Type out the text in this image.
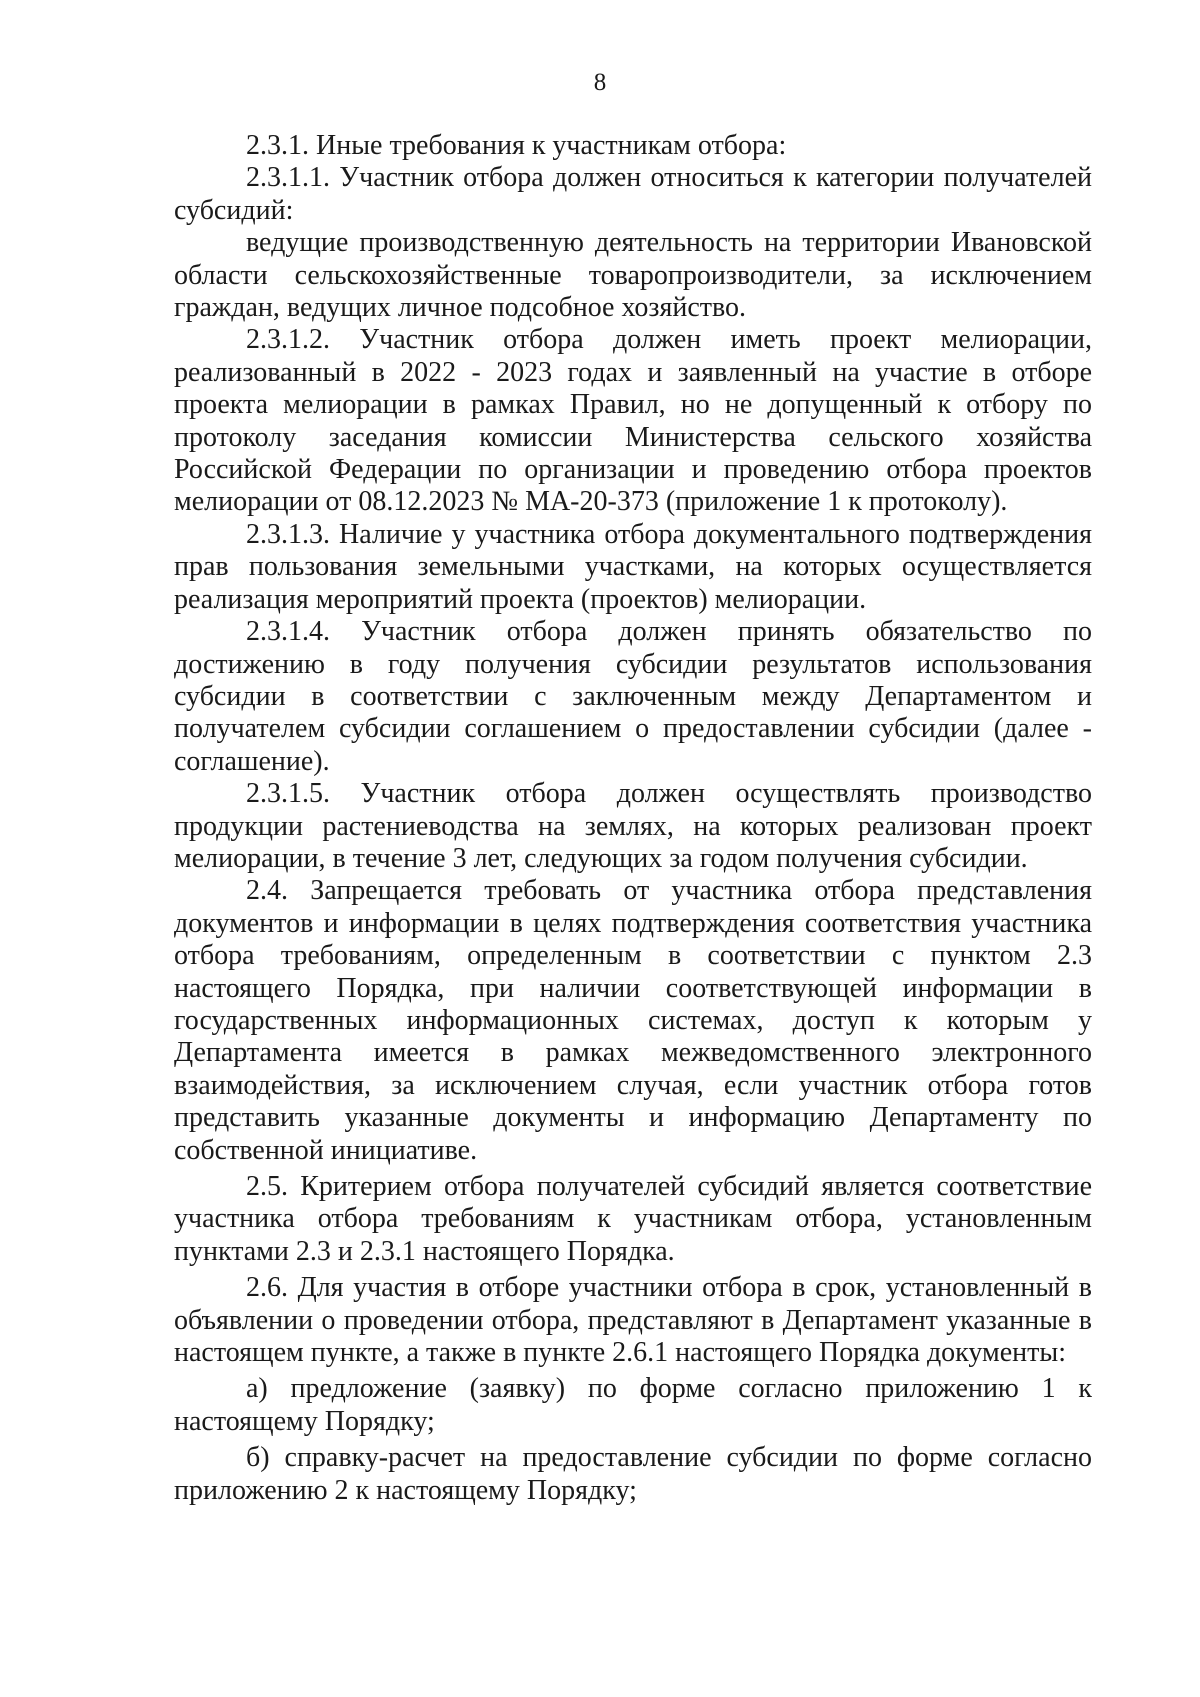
8

2.3.1. Иные требования к участникам отбора:

2.3.1.1. Участник отбора должен относиться к категории получателей субсидий:

ведущие производственную деятельность на территории Ивановской области сельскохозяйственные товаропроизводители, за исключением граждан, ведущих личное подсобное хозяйство.

2.3.1.2. Участник отбора должен иметь проект мелиорации, реализованный в 2022 - 2023 годах и заявленный на участие в отборе проекта мелиорации в рамках Правил, но не допущенный к отбору по протоколу заседания комиссии Министерства сельского хозяйства Российской Федерации по организации и проведению отбора проектов мелиорации от 08.12.2023 № МА-20-373 (приложение 1 к протоколу).

2.3.1.3. Наличие у участника отбора документального подтверждения прав пользования земельными участками, на которых осуществляется реализация мероприятий проекта (проектов) мелиорации.

2.3.1.4. Участник отбора должен принять обязательство по достижению в году получения субсидии результатов использования субсидии в соответствии с заключенным между Департаментом и получателем субсидии соглашением о предоставлении субсидии (далее - соглашение).

2.3.1.5. Участник отбора должен осуществлять производство продукции растениеводства на землях, на которых реализован проект мелиорации, в течение 3 лет, следующих за годом получения субсидии.

2.4. Запрещается требовать от участника отбора представления документов и информации в целях подтверждения соответствия участника отбора требованиям, определенным в соответствии с пунктом 2.3 настоящего Порядка, при наличии соответствующей информации в государственных информационных системах, доступ к которым у Департамента имеется в рамках межведомственного электронного взаимодействия, за исключением случая, если участник отбора готов представить указанные документы и информацию Департаменту по собственной инициативе.

2.5. Критерием отбора получателей субсидий является соответствие участника отбора требованиям к участникам отбора, установленным пунктами 2.3 и 2.3.1 настоящего Порядка.

2.6. Для участия в отборе участники отбора в срок, установленный в объявлении о проведении отбора, представляют в Департамент указанные в настоящем пункте, а также в пункте 2.6.1 настоящего Порядка документы:

а) предложение (заявку) по форме согласно приложению 1 к настоящему Порядку;

б) справку-расчет на предоставление субсидии по форме согласно приложению 2 к настоящему Порядку;
